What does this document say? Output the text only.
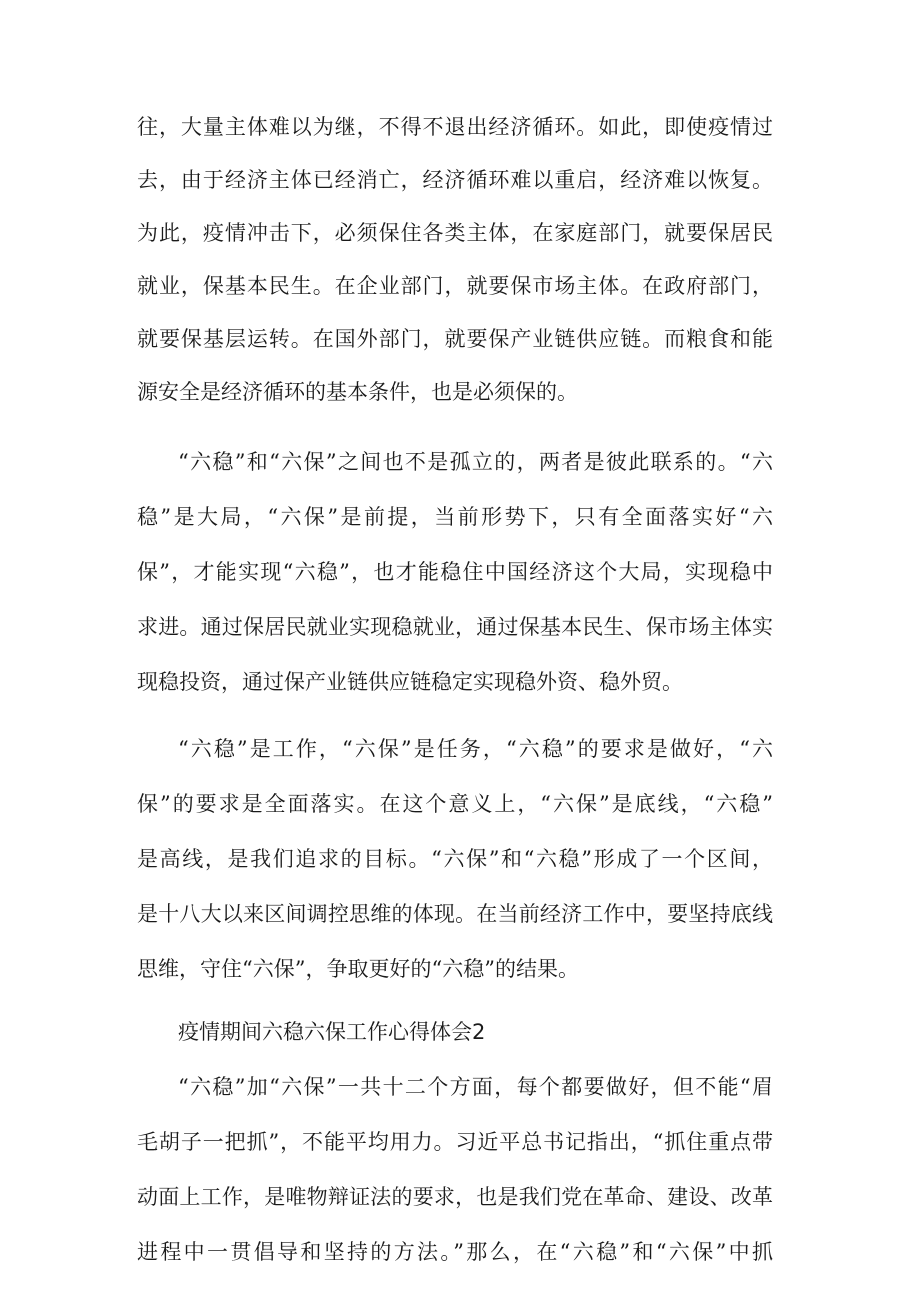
往，大量主体难以为继，不得不退出经济循环。如此，即使疫情过
去，由于经济主体已经消亡，经济循环难以重启，经济难以恢复。
为此，疫情冲击下，必须保住各类主体，在家庭部门，就要保居民
就业，保基本民生。在企业部门，就要保市场主体。在政府部门，
就要保基层运转。在国外部门，就要保产业链供应链。而粮食和能
源安全是经济循环的基本条件，也是必须保的。
“六稳”和“六保”之间也不是孤立的，两者是彼此联系的。“六
稳”是大局，“六保”是前提，当前形势下，只有全面落实好“六
保”，才能实现“六稳”，也才能稳住中国经济这个大局，实现稳中
求进。通过保居民就业实现稳就业，通过保基本民生、保市场主体实
现稳投资，通过保产业链供应链稳定实现稳外资、稳外贸。
“六稳”是工作，“六保”是任务，“六稳”的要求是做好，“六
保”的要求是全面落实。在这个意义上，“六保”是底线，“六稳”
是高线，是我们追求的目标。“六保”和“六稳”形成了一个区间，
是十八大以来区间调控思维的体现。在当前经济工作中，要坚持底线
思维，守住“六保”，争取更好的“六稳”的结果。
疫情期间六稳六保工作心得体会2
“六稳”加“六保”一共十二个方面，每个都要做好，但不能“眉
毛胡子一把抓”，不能平均用力。习近平总书记指出，“抓住重点带
动面上工作，是唯物辩证法的要求，也是我们党在革命、建设、改革
进程中一贯倡导和坚持的方法。”那么，在“六稳”和“六保”中抓
